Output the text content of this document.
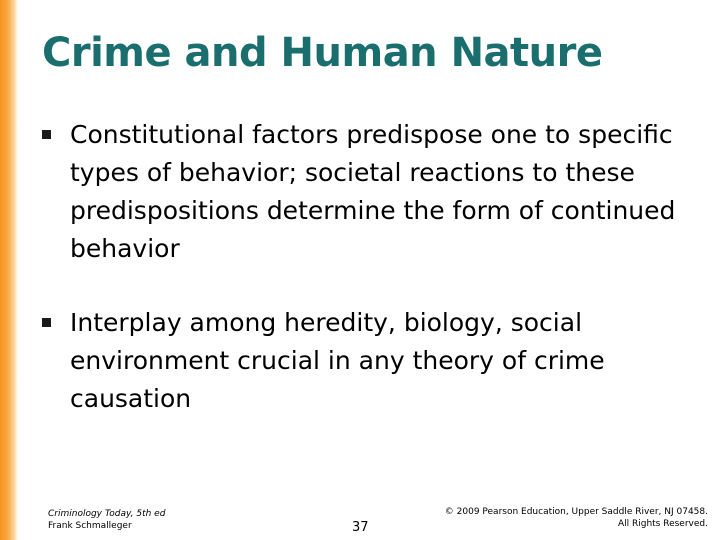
Crime and Human Nature
Constitutional factors predispose one to specific types of behavior; societal reactions to these predispositions determine the form of continued behavior
Interplay among heredity, biology, social environment crucial in any theory of crime causation
Criminology Today, 5th ed
Frank Schmalleger	37
© 2009 Pearson Education, Upper Saddle River, NJ 07458.
All Rights Reserved.
